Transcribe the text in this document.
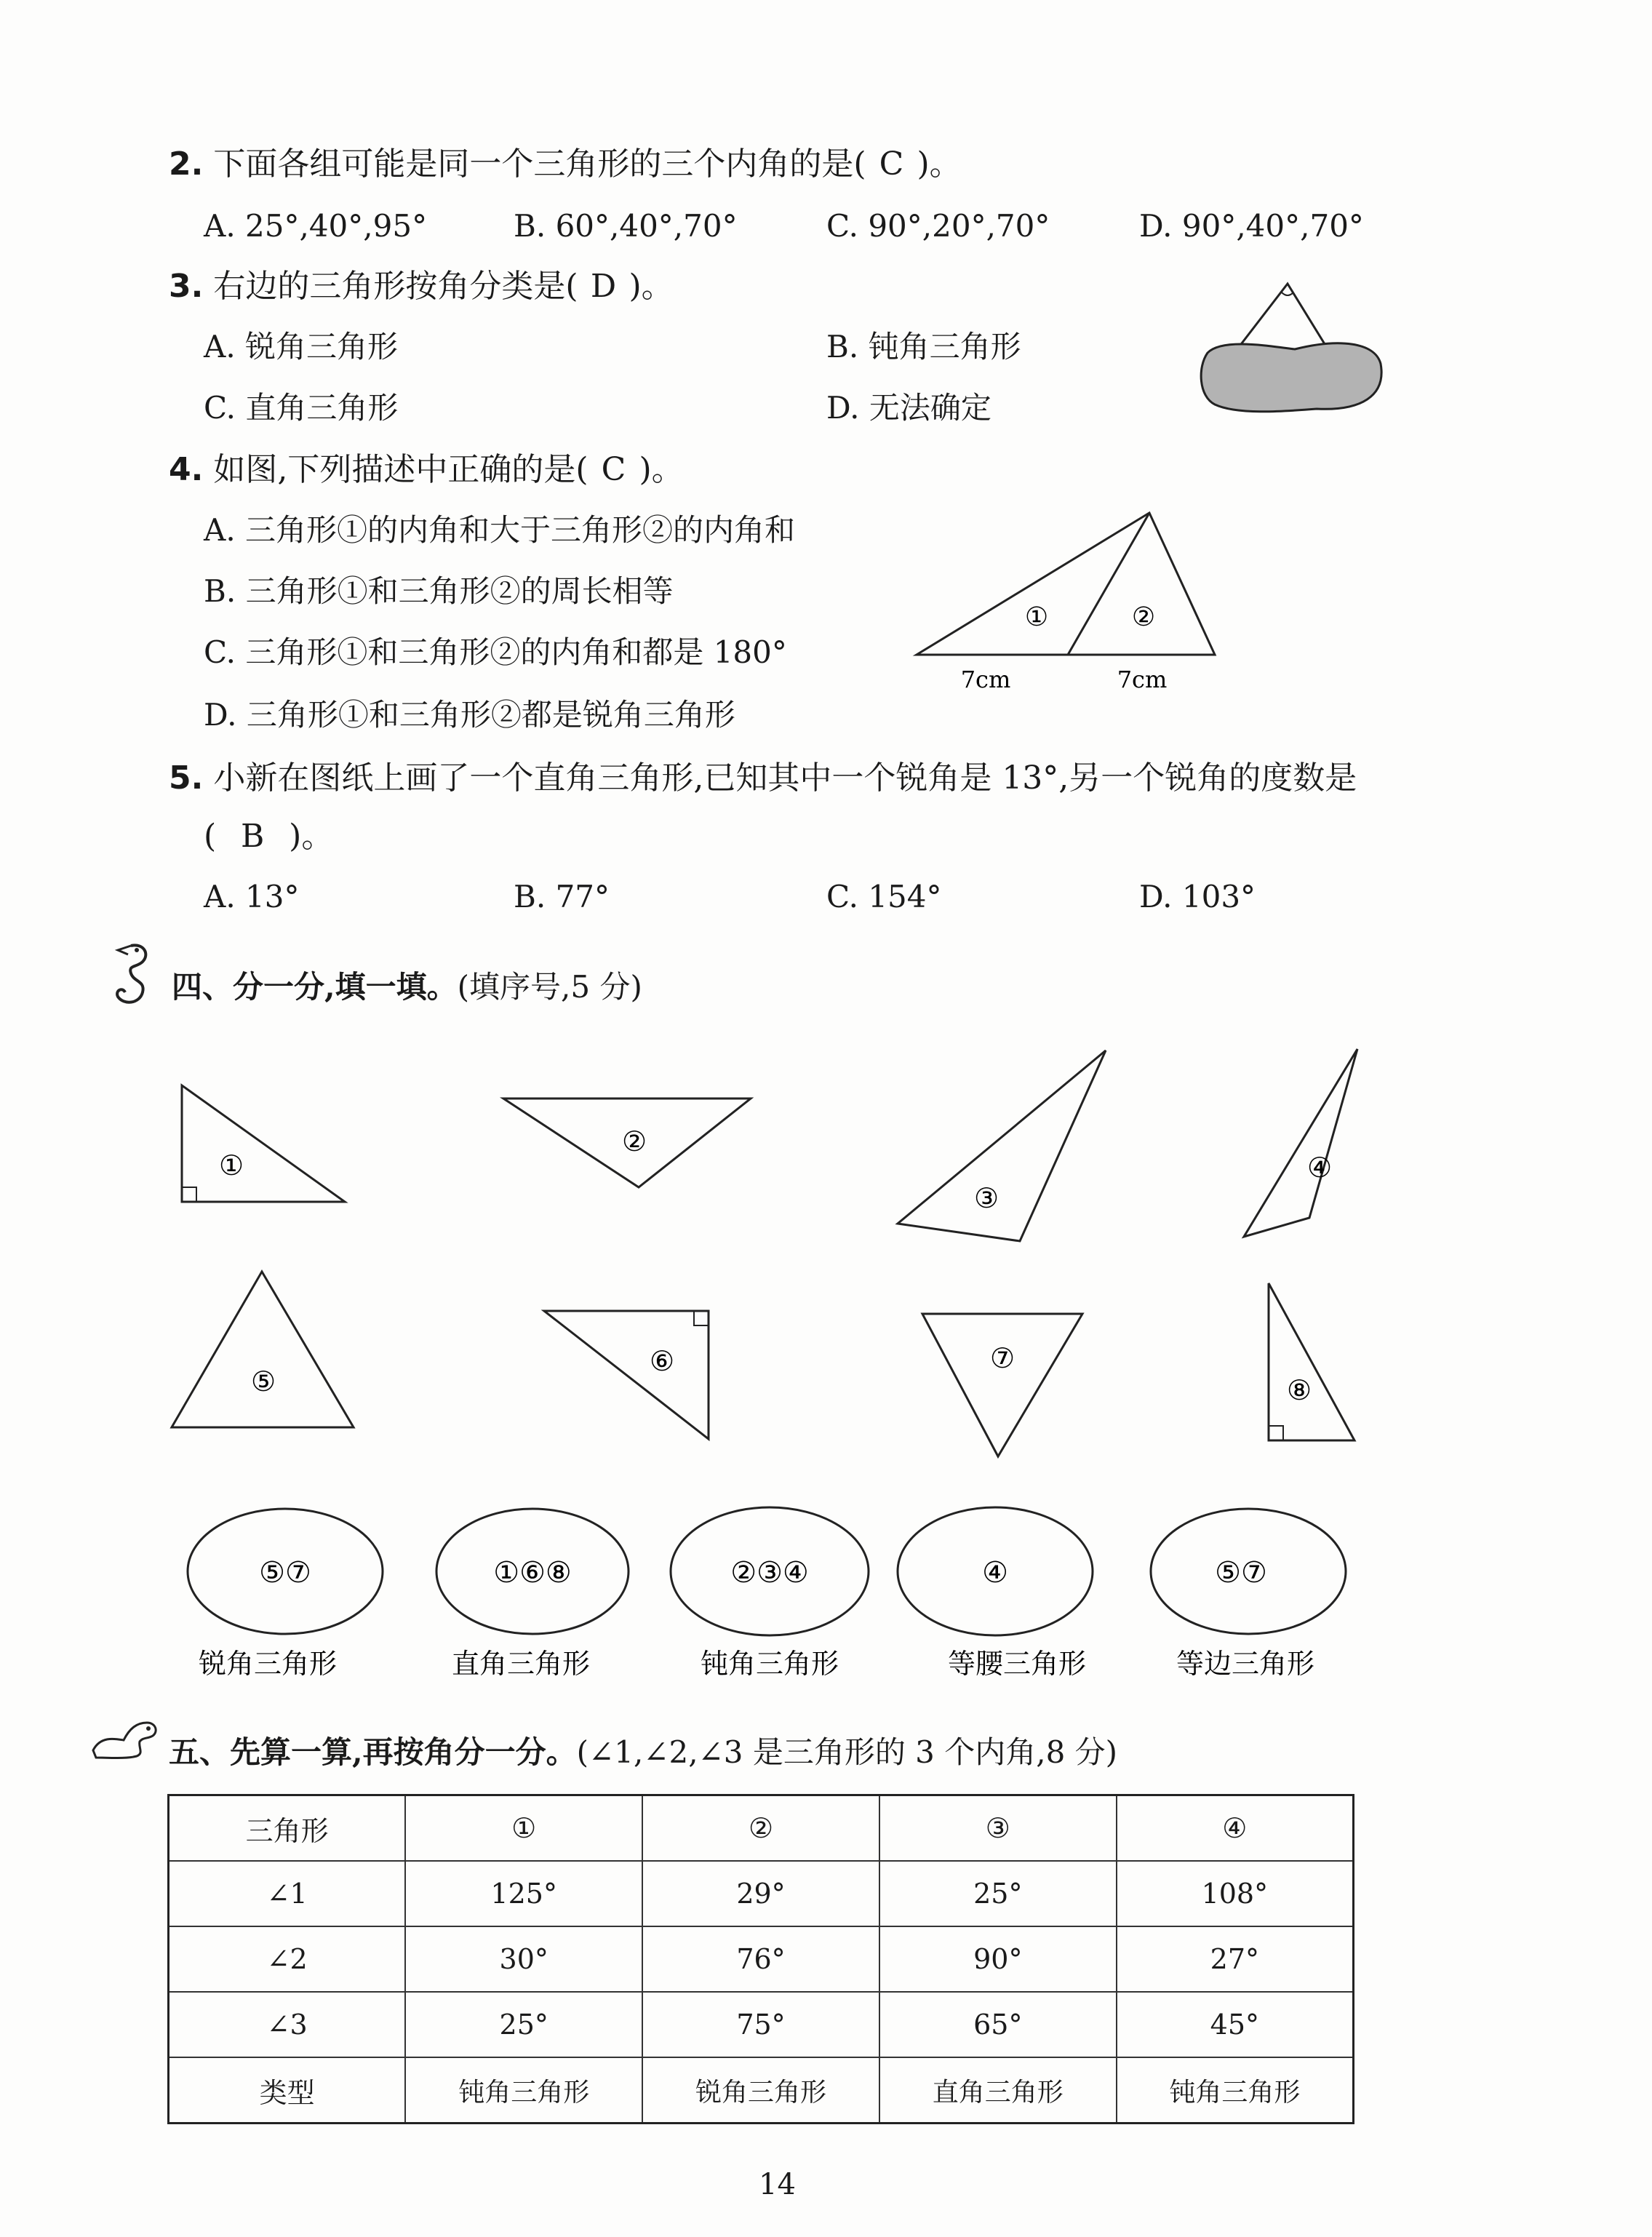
2. 下面各组可能是同一个三角形的三个内角的是( C )。
A. 25°,40°,95°	B. 60°,40°,70°	C. 90°,20°,70°	D. 90°,40°,70°
3. 右边的三角形按角分类是( D )。
A. 锐角三角形	B. 钝角三角形
C. 直角三角形	D. 无法确定
4. 如图,下列描述中正确的是( C )。
A. 三角形①的内角和大于三角形②的内角和
B. 三角形①和三角形②的周长相等
C. 三角形①和三角形②的内角和都是 180°
D. 三角形①和三角形②都是锐角三角形
①	②
7cm	7cm
5. 小新在图纸上画了一个直角三角形,已知其中一个锐角是 13°,另一个锐角的度数是
( B )。
A. 13°	B. 77°	C. 154°	D. 103°
四、分一分,填一填。(填序号,5 分)
①
②
③
④
⑤
⑥	⑦
⑧
⑤⑦
锐角三角形
①⑥⑧
直角三角形
②③④
钝角三角形
④
等腰三角形
⑤⑦
等边三角形
五、先算一算,再按角分一分。(∠1,∠2,∠3 是三角形的 3 个内角,8 分)
三角形	①	②	③	④
∠1	125°	29°	25°	108°
∠2	30°	76°	90°	27°
∠3	25°	75°	65°	45°
类型	钝角三角形	锐角三角形	直角三角形	钝角三角形
14
